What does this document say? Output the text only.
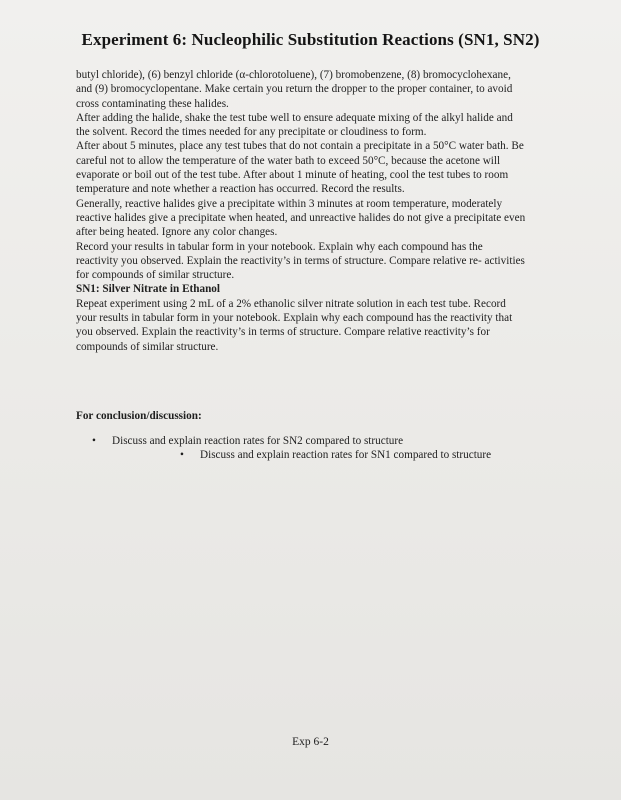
Experiment 6: Nucleophilic Substitution Reactions (SN1, SN2)

butyl chloride), (6) benzyl chloride (α-chlorotoluene), (7) bromobenzene, (8) bromocyclohexane, and (9) bromocyclopentane. Make certain you return the dropper to the proper container, to avoid cross contaminating these halides.

After adding the halide, shake the test tube well to ensure adequate mixing of the alkyl halide and the solvent. Record the times needed for any precipitate or cloudiness to form.

After about 5 minutes, place any test tubes that do not contain a precipitate in a 50°C water bath. Be careful not to allow the temperature of the water bath to exceed 50°C, because the acetone will evaporate or boil out of the test tube. After about 1 minute of heating, cool the test tubes to room temperature and note whether a reaction has occurred. Record the results.

Generally, reactive halides give a precipitate within 3 minutes at room temperature, moderately reactive halides give a precipitate when heated, and unreactive halides do not give a precipitate even after being heated. Ignore any color changes.

Record your results in tabular form in your notebook. Explain why each compound has the reactivity you observed. Explain the reactivity’s in terms of structure. Compare relative re- activities for compounds of similar structure.

SN1: Silver Nitrate in Ethanol

Repeat experiment using 2 mL of a 2% ethanolic silver nitrate solution in each test tube. Record your results in tabular form in your notebook. Explain why each compound has the reactivity that you observed. Explain the reactivity’s in terms of structure. Compare relative reactivity’s for compounds of similar structure.

For conclusion/discussion:

• Discuss and explain reaction rates for SN2 compared to structure

• Discuss and explain reaction rates for SN1 compared to structure

Exp 6-2
